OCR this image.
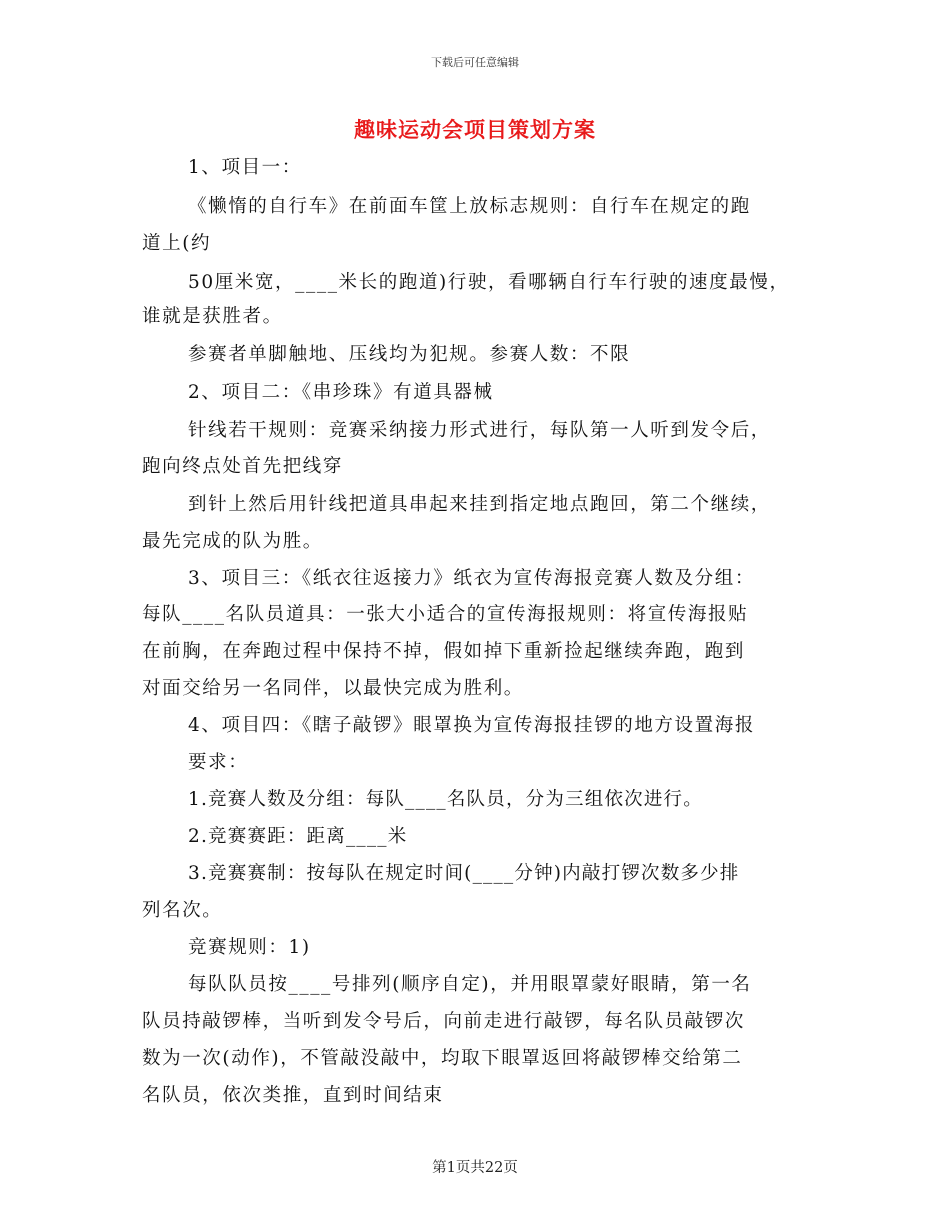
下载后可任意编辑
趣味运动会项目策划方案
1、项目一：
《懒惰的自行车》在前面车筐上放标志规则：自行车在规定的跑
道上(约
50厘米宽，____米长的跑道)行驶，看哪辆自行车行驶的速度最慢，
谁就是获胜者。
参赛者单脚触地、压线均为犯规。参赛人数：不限
2、项目二：《串珍珠》有道具器械
针线若干规则：竞赛采纳接力形式进行，每队第一人听到发令后，
跑向终点处首先把线穿
到针上然后用针线把道具串起来挂到指定地点跑回，第二个继续，
最先完成的队为胜。
3、项目三：《纸衣往返接力》纸衣为宣传海报竞赛人数及分组：
每队____名队员道具：一张大小适合的宣传海报规则：将宣传海报贴
在前胸，在奔跑过程中保持不掉，假如掉下重新捡起继续奔跑，跑到
对面交给另一名同伴，以最快完成为胜利。
4、项目四：《瞎子敲锣》眼罩换为宣传海报挂锣的地方设置海报
要求：
1.竞赛人数及分组：每队____名队员，分为三组依次进行。
2.竞赛赛距：距离____米
3.竞赛赛制：按每队在规定时间(____分钟)内敲打锣次数多少排
列名次。
竞赛规则：1)
每队队员按____号排列(顺序自定)，并用眼罩蒙好眼睛，第一名
队员持敲锣棒，当听到发令号后，向前走进行敲锣，每名队员敲锣次
数为一次(动作)，不管敲没敲中，均取下眼罩返回将敲锣棒交给第二
名队员，依次类推，直到时间结束
第1页共22页
